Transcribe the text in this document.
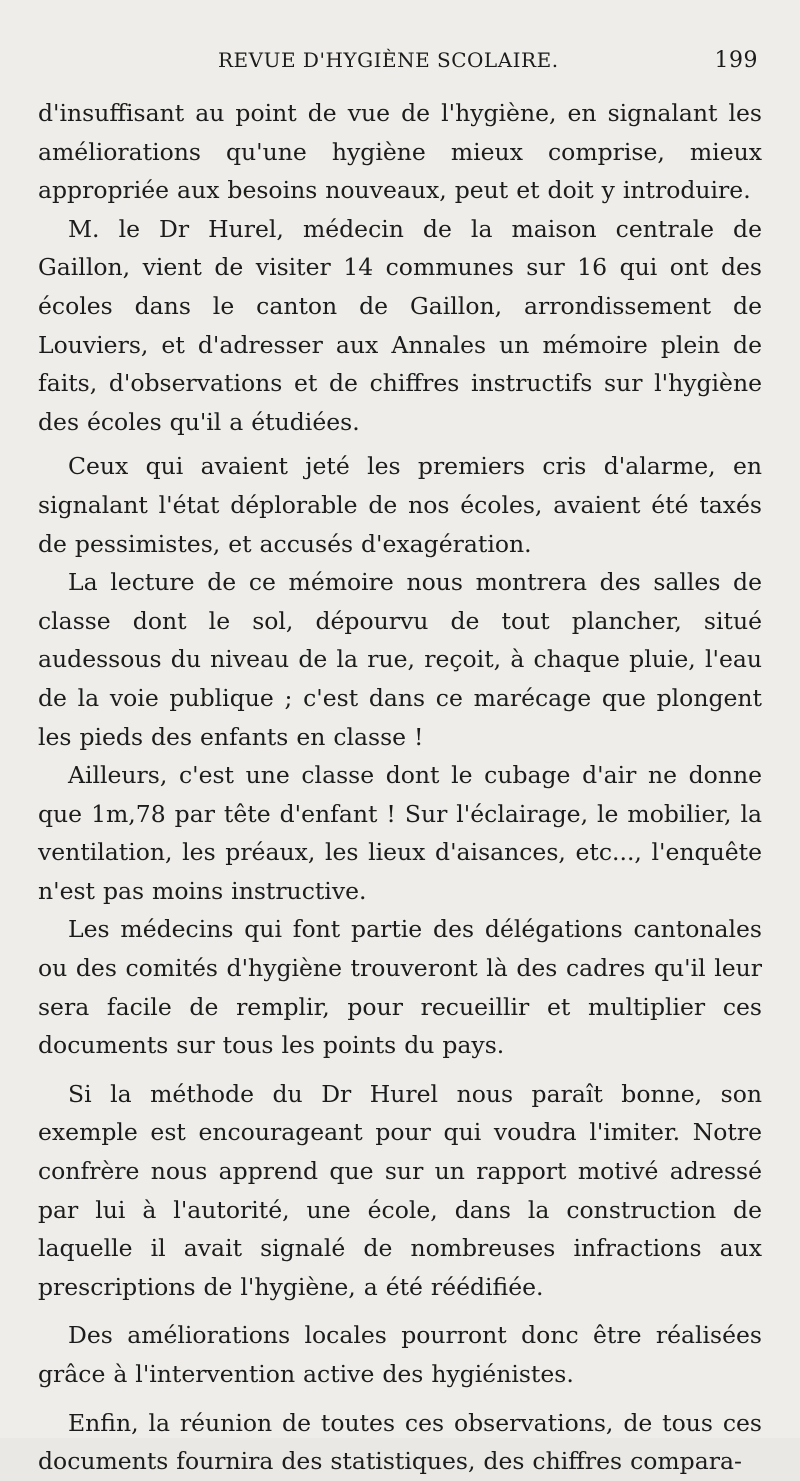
REVUE D'HYGIÈNE SCOLAIRE.	199

d'insuffisant au point de vue de l'hygiène, en signalant les améliorations qu'une hygiène mieux comprise, mieux appropriée aux besoins nouveaux, peut et doit y introduire.

M. le Dr Hurel, médecin de la maison centrale de Gaillon, vient de visiter 14 communes sur 16 qui ont des écoles dans le canton de Gaillon, arrondissement de Louviers, et d'adresser aux Annales un mémoire plein de faits, d'observations et de chiffres instructifs sur l'hygiène des écoles qu'il a étudiées.

Ceux qui avaient jeté les premiers cris d'alarme, en signalant l'état déplorable de nos écoles, avaient été taxés de pessimistes, et accusés d'exagération.

La lecture de ce mémoire nous montrera des salles de classe dont le sol, dépourvu de tout plancher, situé audessous du niveau de la rue, reçoit, à chaque pluie, l'eau de la voie publique ; c'est dans ce marécage que plongent les pieds des enfants en classe !

Ailleurs, c'est une classe dont le cubage d'air ne donne que 1m,78 par tête d'enfant ! Sur l'éclairage, le mobilier, la ventilation, les préaux, les lieux d'aisances, etc..., l'enquête n'est pas moins instructive.

Les médecins qui font partie des délégations cantonales ou des comités d'hygiène trouveront là des cadres qu'il leur sera facile de remplir, pour recueillir et multiplier ces documents sur tous les points du pays.

Si la méthode du Dr Hurel nous paraît bonne, son exemple est encourageant pour qui voudra l'imiter. Notre confrère nous apprend que sur un rapport motivé adressé par lui à l'autorité, une école, dans la construction de laquelle il avait signalé de nombreuses infractions aux prescriptions de l'hygiène, a été réédifiée.

Des améliorations locales pourront donc être réalisées grâce à l'intervention active des hygiénistes.

Enfin, la réunion de toutes ces observations, de tous ces documents fournira des statistiques, des chiffres compara-
